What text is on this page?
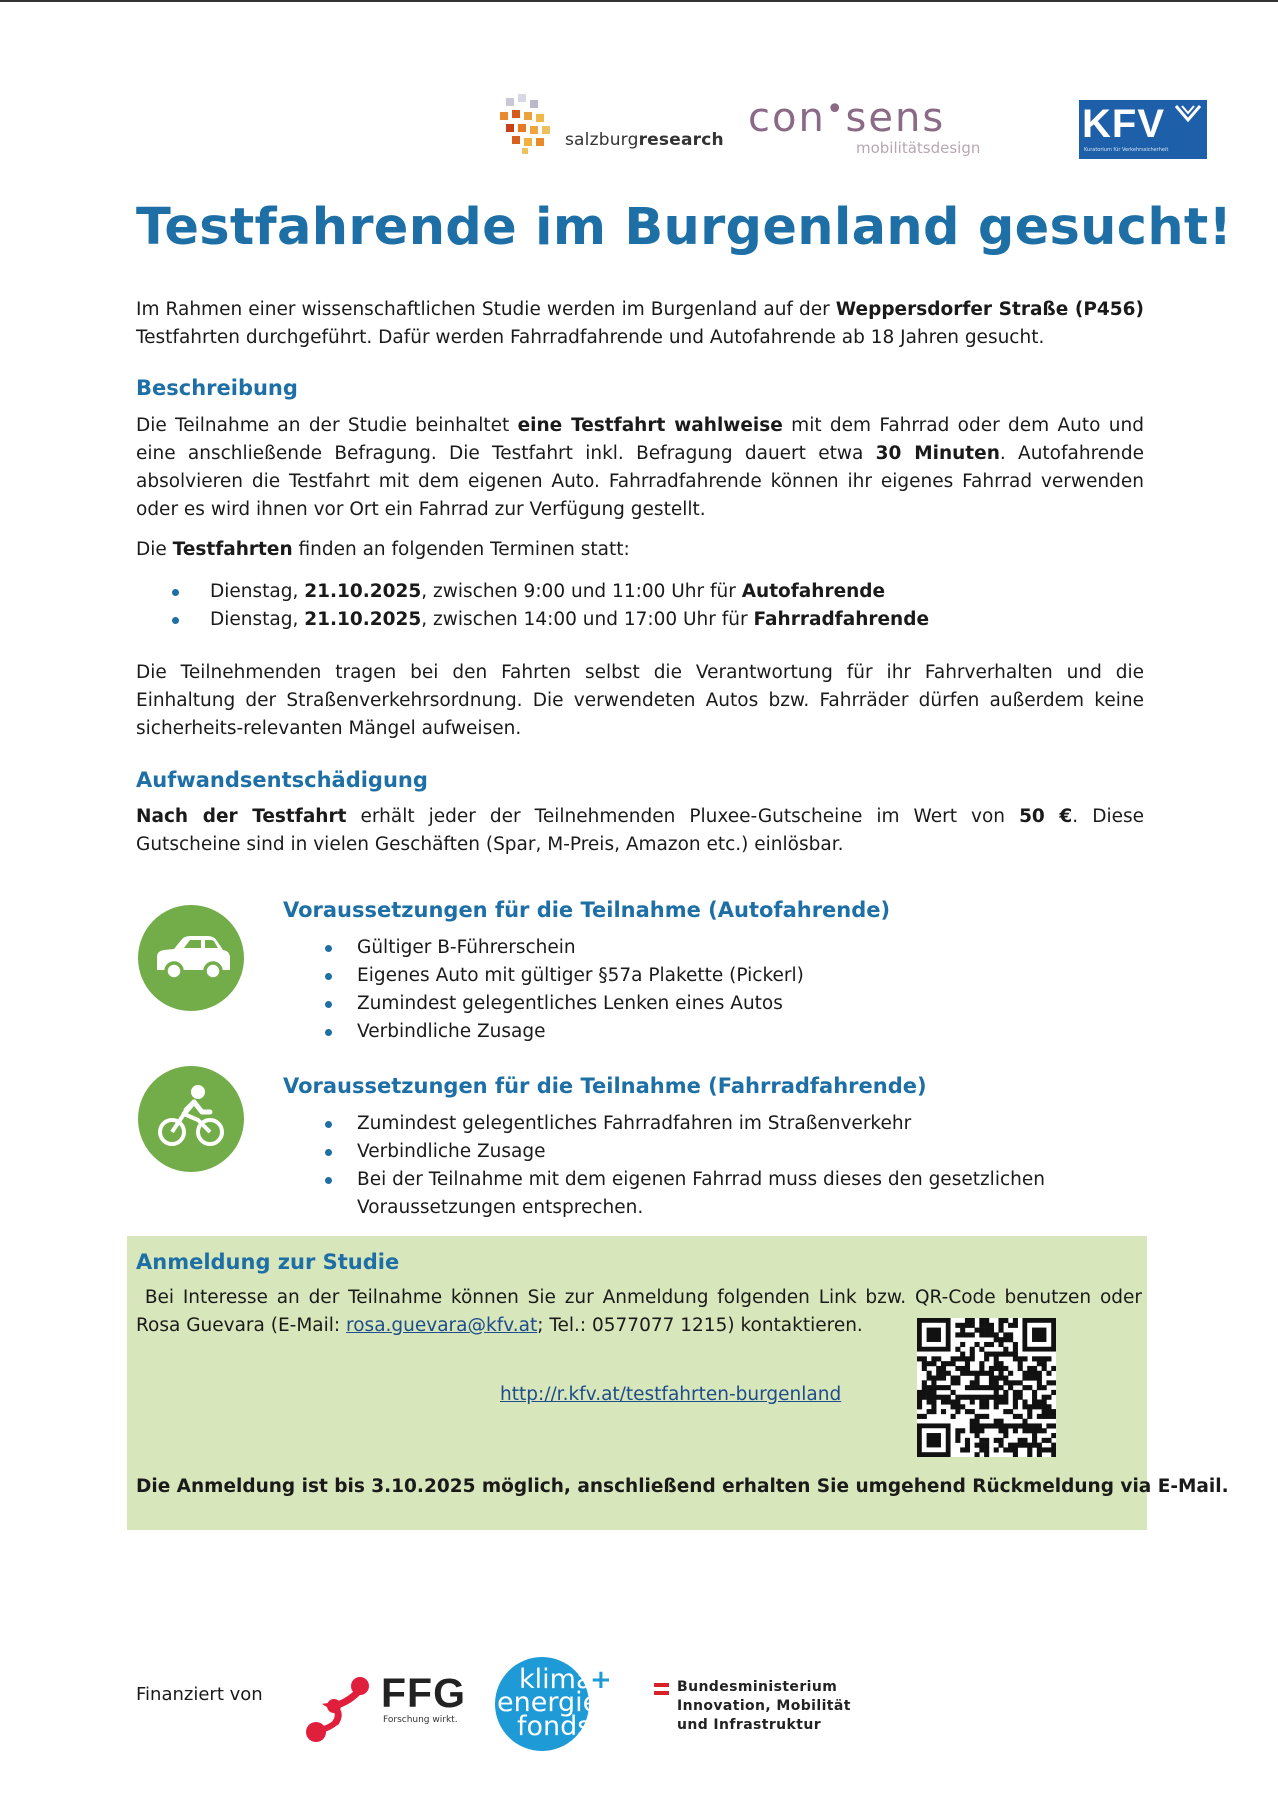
salzburgresearch con•sens
mobilitätsdesign
KFV
Kuratorium für Verkehrssicherheit
Testfahrende im Burgenland gesucht!
Im Rahmen einer wissenschaftlichen Studie werden im Burgenland auf der Weppersdorfer Straße (P456) Testfahrten durchgeführt. Dafür werden Fahrradfahrende und Autofahrende ab 18 Jahren gesucht.
Beschreibung
Die Teilnahme an der Studie beinhaltet eine Testfahrt wahlweise mit dem Fahrrad oder dem Auto und eine anschließende Befragung. Die Testfahrt inkl. Befragung dauert etwa 30 Minuten. Autofahrende absolvieren die Testfahrt mit dem eigenen Auto. Fahrradfahrende können ihr eigenes Fahrrad verwenden oder es wird ihnen vor Ort ein Fahrrad zur Verfügung gestellt.
Die Testfahrten finden an folgenden Terminen statt:
Dienstag, 21.10.2025, zwischen 9:00 und 11:00 Uhr für Autofahrende
Dienstag, 21.10.2025, zwischen 14:00 und 17:00 Uhr für Fahrradfahrende
Die Teilnehmenden tragen bei den Fahrten selbst die Verantwortung für ihr Fahrverhalten und die Einhaltung der Straßenverkehrsordnung. Die verwendeten Autos bzw. Fahrräder dürfen außerdem keine sicherheits-relevanten Mängel aufweisen.
Aufwandsentschädigung
Nach der Testfahrt erhält jeder der Teilnehmenden Pluxee-Gutscheine im Wert von 50 €. Diese Gutscheine sind in vielen Geschäften (Spar, M-Preis, Amazon etc.) einlösbar.
Voraussetzungen für die Teilnahme (Autofahrende)
Gültiger B-Führerschein
Eigenes Auto mit gültiger §57a Plakette (Pickerl)
Zumindest gelegentliches Lenken eines Autos
Verbindliche Zusage
Voraussetzungen für die Teilnahme (Fahrradfahrende)
Zumindest gelegentliches Fahrradfahren im Straßenverkehr
Verbindliche Zusage
Bei der Teilnahme mit dem eigenen Fahrrad muss dieses den gesetzlichen Voraussetzungen entsprechen.
Anmeldung zur Studie
Bei Interesse an der Teilnahme können Sie zur Anmeldung folgenden Link bzw. QR-Code benutzen oder Rosa Guevara (E-Mail: rosa.guevara@kfv.at; Tel.: 0577077 1215) kontaktieren.
http://r.kfv.at/testfahrten-burgenland
Die Anmeldung ist bis 3.10.2025 möglich, anschließend erhalten Sie umgehend Rückmeldung via E-Mail.
Finanziert von	FFG
Forschung wirkt.
klima
energie
fonds
+	Bundesministerium
Innovation, Mobilität
und Infrastruktur
